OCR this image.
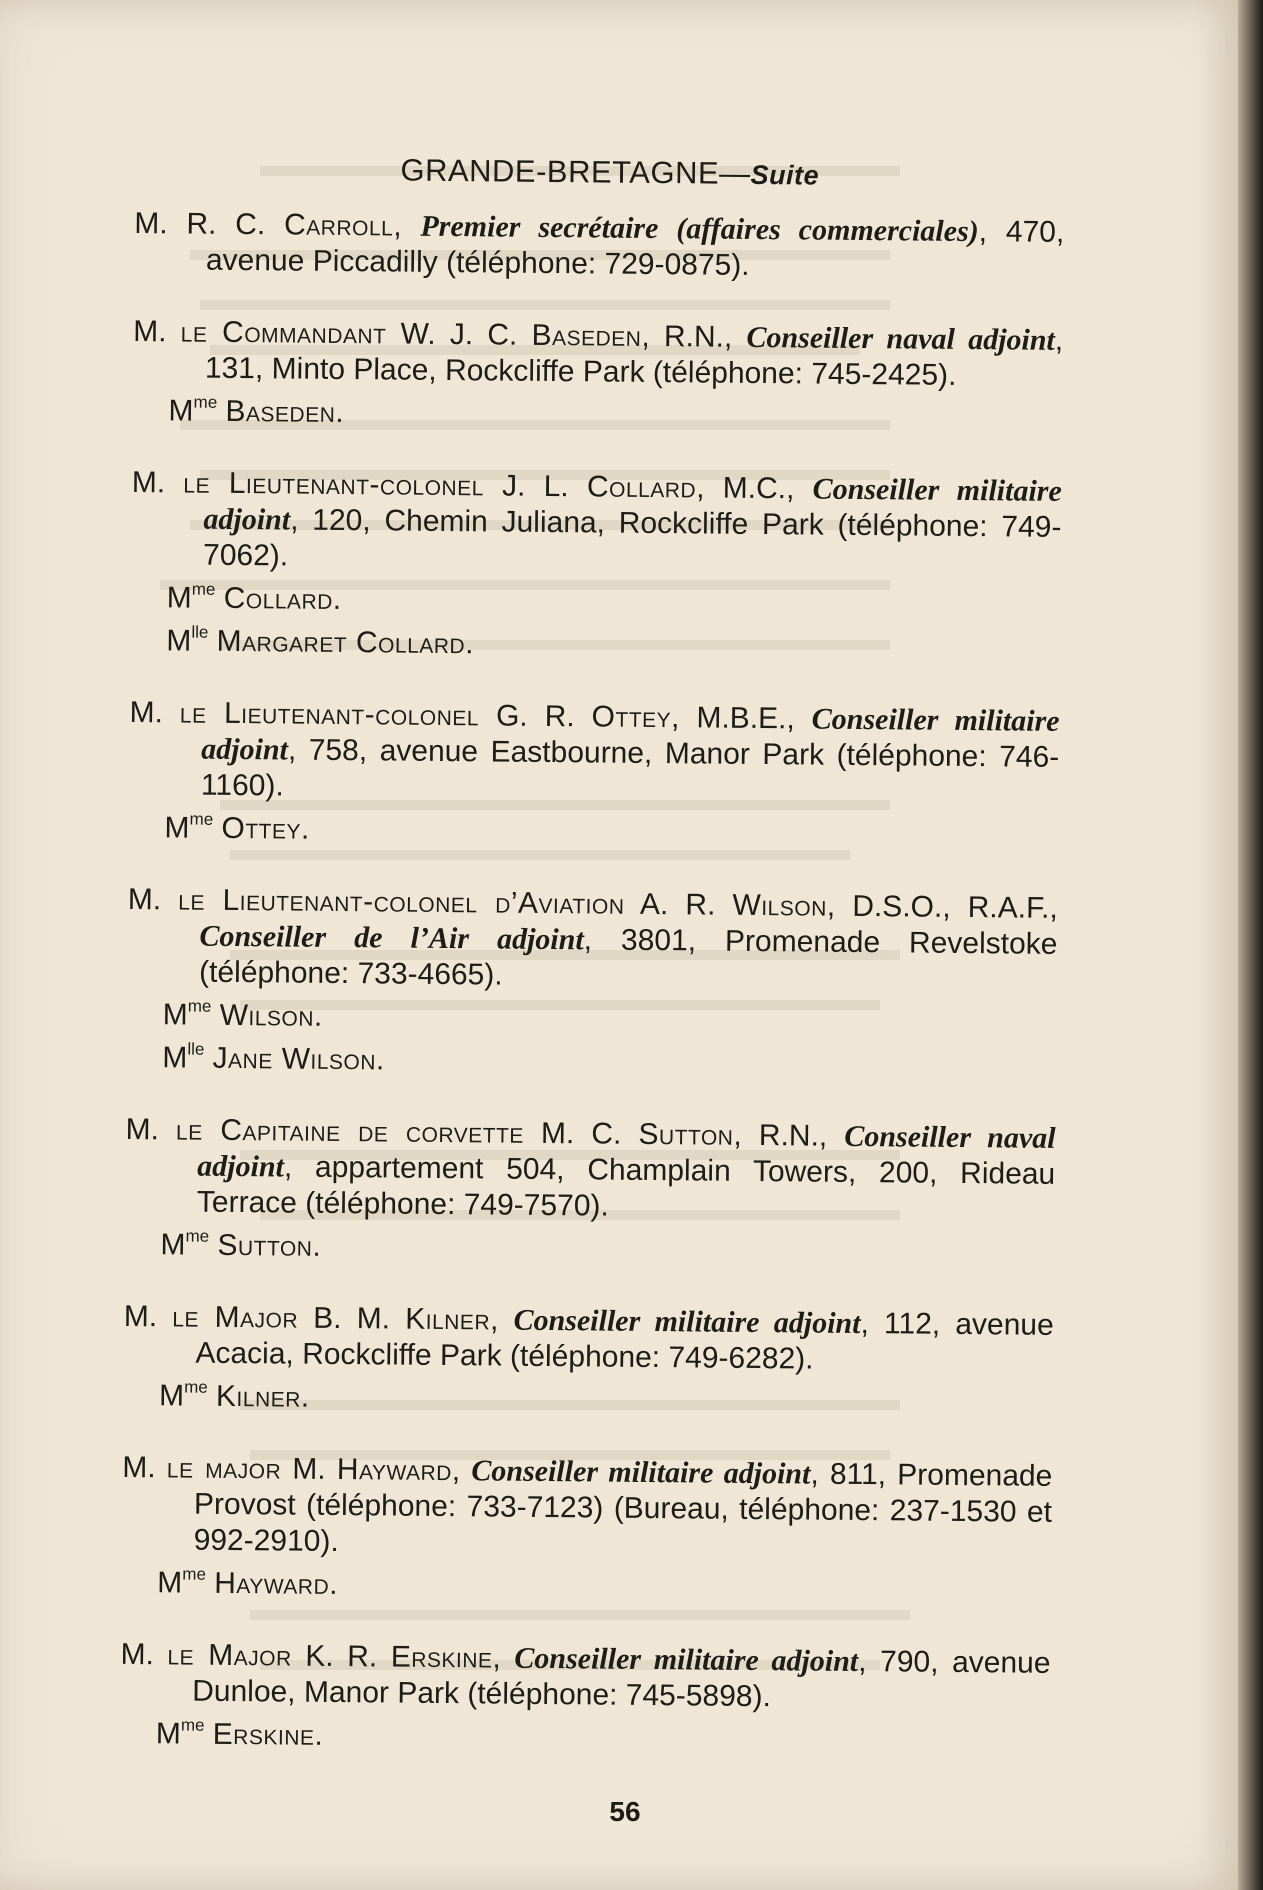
GRANDE-BRETAGNE—Suite

M. R. C. Carroll, Premier secrétaire (affaires commerciales), 470, avenue Piccadilly (téléphone: 729-0875).

M. le Commandant W. J. C. Baseden, R.N., Conseiller naval adjoint, 131, Minto Place, Rockcliffe Park (téléphone: 745-2425).

$M^{me}$ Baseden.

M. le Lieutenant-colonel J. L. Collard, M.C., Conseiller militaire adjoint, 120, Chemin Juliana, Rockcliffe Park (téléphone: 749-7062).

$M^{me}$ Collard.

$M^{lle}$ Margaret Collard.

M. le Lieutenant-colonel G. R. Ottey, M.B.E., Conseiller militaire adjoint, 758, avenue Eastbourne, Manor Park (téléphone: 746-1160).

$M^{me}$ Ottey.

M. le Lieutenant-colonel d’Aviation A. R. Wilson, D.S.O., R.A.F., Conseiller de l’Air adjoint, 3801, Promenade Revelstoke (téléphone: 733-4665).

$M^{me}$ Wilson.

$M^{lle}$ Jane Wilson.

M. le Capitaine de corvette M. C. Sutton, R.N., Conseiller naval adjoint, appartement 504, Champlain Towers, 200, Rideau Terrace (téléphone: 749-7570).

$M^{me}$ Sutton.

M. le Major B. M. Kilner, Conseiller militaire adjoint, 112, avenue Acacia, Rockcliffe Park (téléphone: 749-6282).

$M^{me}$ Kilner.

M. le major M. Hayward, Conseiller militaire adjoint, 811, Promenade Provost (téléphone: 733-7123) (Bureau, téléphone: 237-1530 et 992-2910).

$M^{me}$ Hayward.

M. le Major K. R. Erskine, Conseiller militaire adjoint, 790, avenue Dunloe, Manor Park (téléphone: 745-5898).

$M^{me}$ Erskine.

56
